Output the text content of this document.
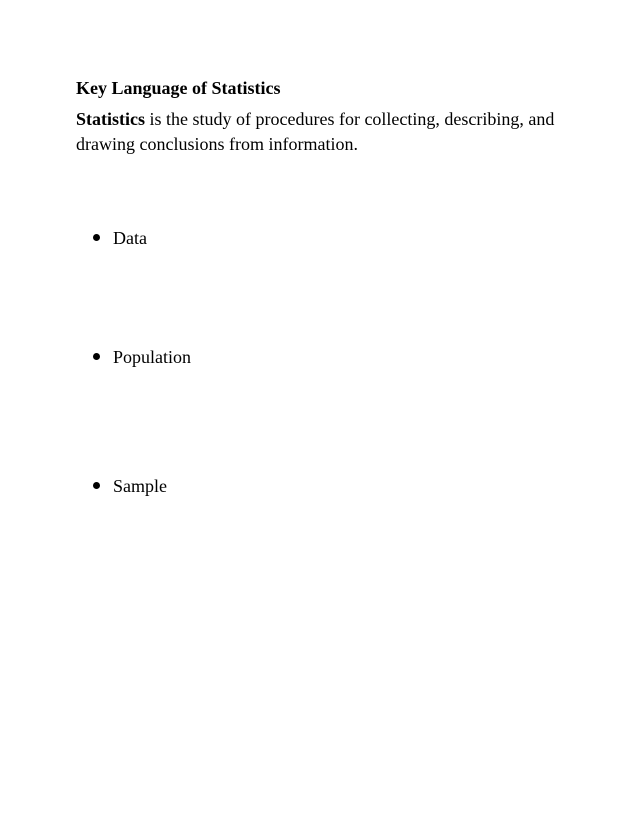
Key Language of Statistics
Statistics is the study of procedures for collecting, describing, and drawing conclusions from information.
Data
Population
Sample
